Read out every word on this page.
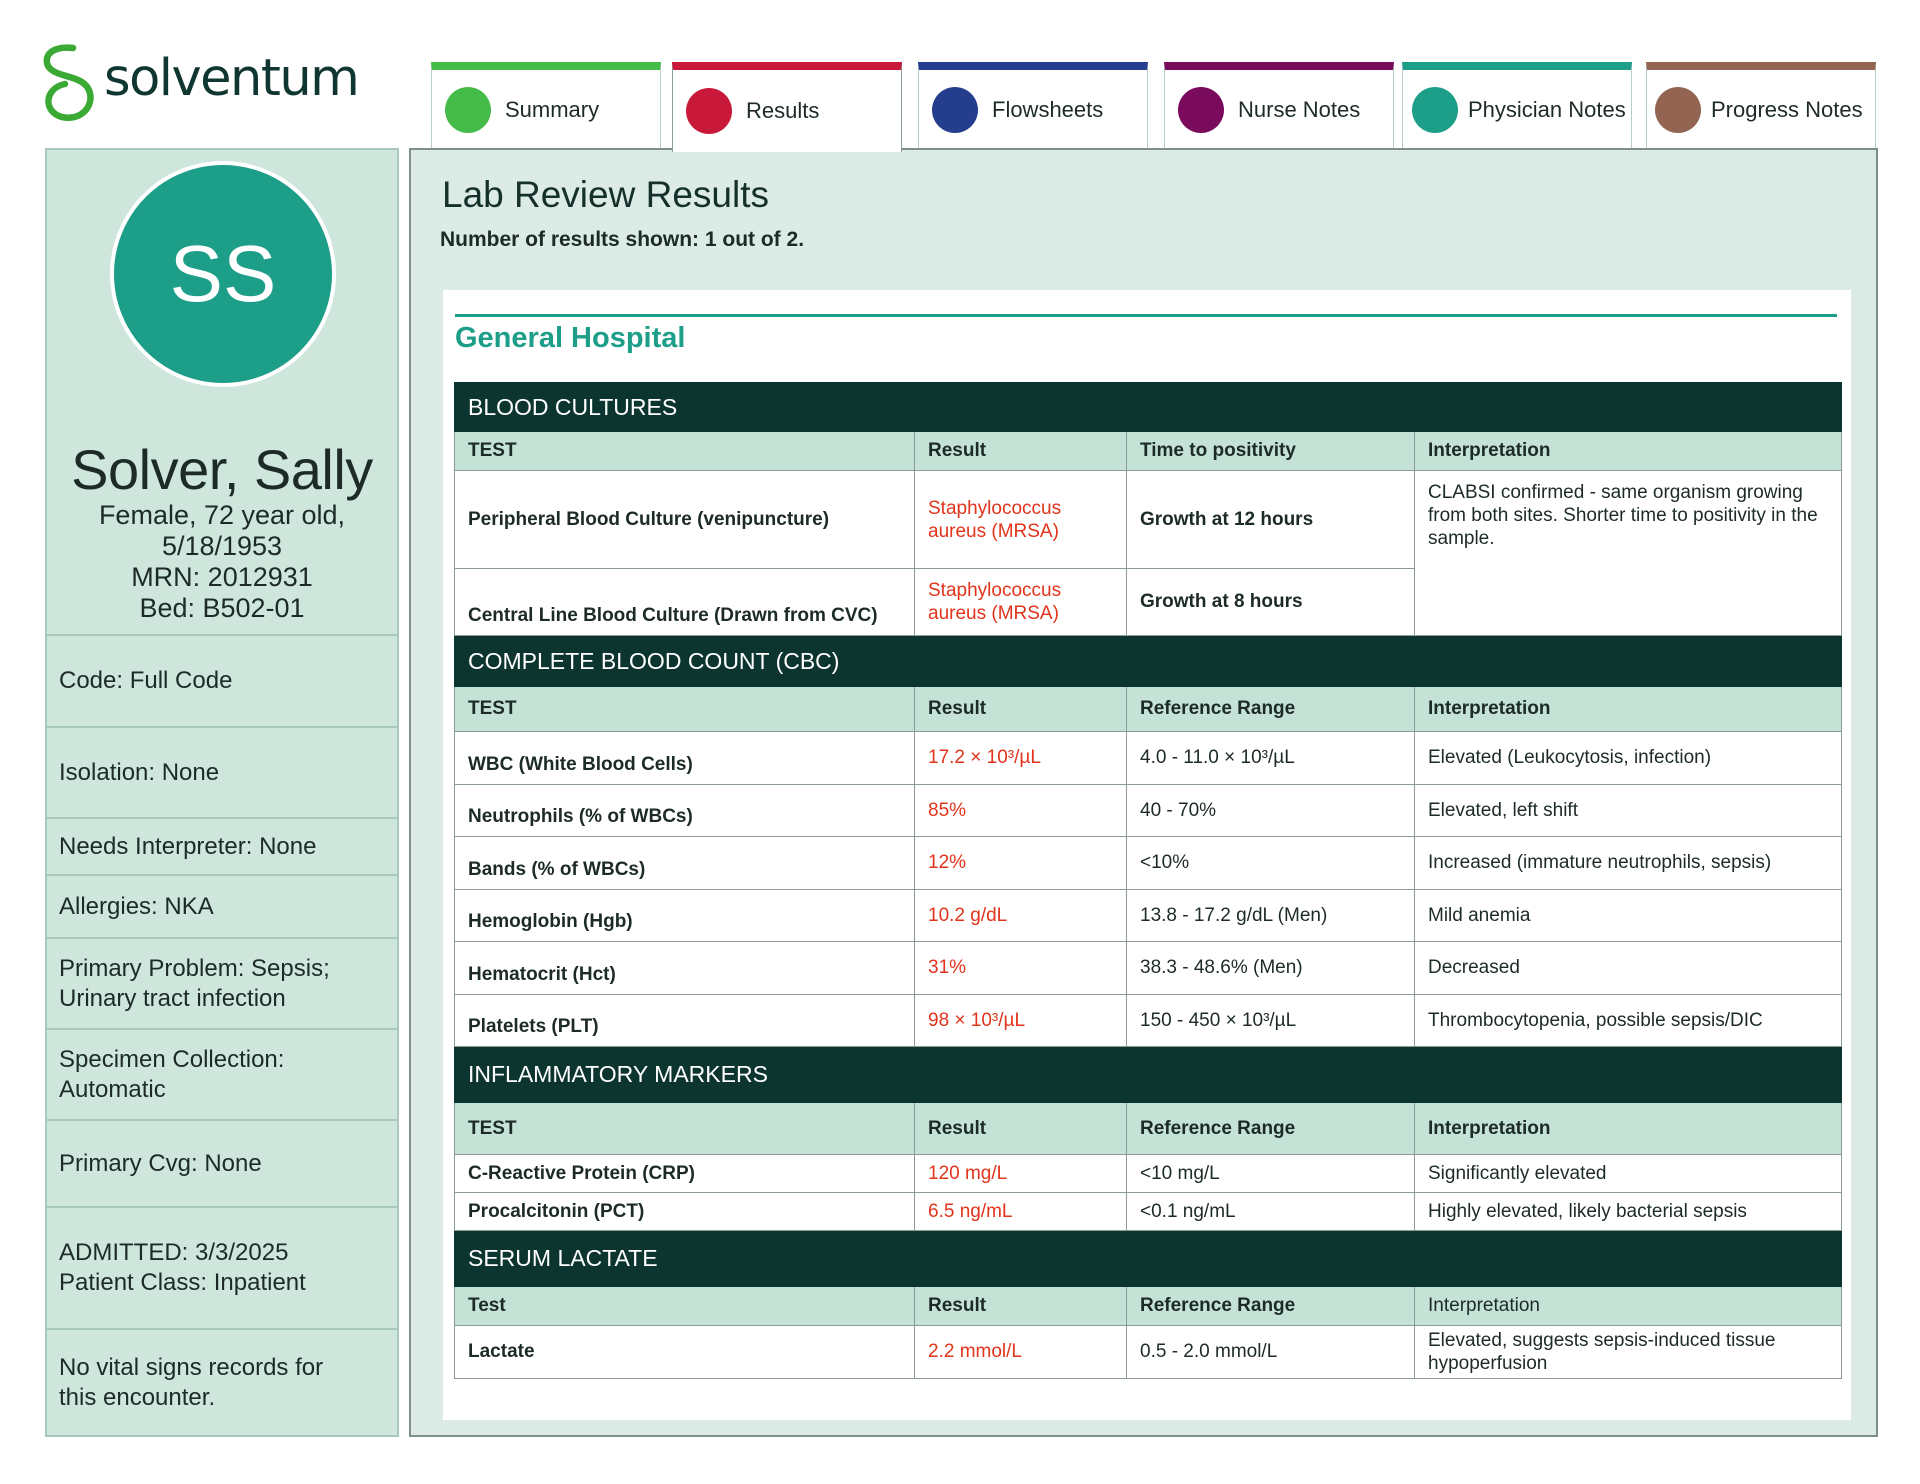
solventum
Summary	Results	Flowsheets	Nurse Notes	Physician Notes	Progress Notes
SS
Solver, Sally
Female, 72 year old,
5/18/1953
MRN: 2012931
Bed: B502-01
Code: Full Code
Isolation: None
Needs Interpreter: None
Allergies: NKA
Primary Problem: Sepsis; Urinary tract infection
Specimen Collection: Automatic
Primary Cvg: None
ADMITTED: 3/3/2025 Patient Class: Inpatient
No vital signs records for this encounter.
Lab Review Results
Number of results shown: 1 out of 2.
General Hospital
BLOOD CULTURES			
TEST	Result	Time to positivity	Interpretation
Peripheral Blood Culture (venipuncture)	Staphylococcus aureus (MRSA)	Growth at 12 hours	CLABSI confirmed - same organism growing from both sites. Shorter time to positivity in the sample.
Central Line Blood Culture (Drawn from CVC)	Staphylococcus aureus (MRSA)	Growth at 8 hours	
COMPLETE BLOOD COUNT (CBC)			
TEST	Result	Reference Range	Interpretation
WBC (White Blood Cells)	17.2 × 10³/µL	4.0 - 11.0 × 10³/µL	Elevated (Leukocytosis, infection)
Neutrophils (% of WBCs)	85%	40 - 70%	Elevated, left shift
Bands (% of WBCs)	12%	<10%	Increased (immature neutrophils, sepsis)
Hemoglobin (Hgb)	10.2 g/dL	13.8 - 17.2 g/dL (Men)	Mild anemia
Hematocrit (Hct)	31%	38.3 - 48.6% (Men)	Decreased
Platelets (PLT)	98 × 10³/µL	150 - 450 × 10³/µL	Thrombocytopenia, possible sepsis/DIC
INFLAMMATORY MARKERS			
TEST	Result	Reference Range	Interpretation
C-Reactive Protein (CRP)	120 mg/L	<10 mg/L	Significantly elevated
Procalcitonin (PCT)	6.5 ng/mL	<0.1 ng/mL	Highly elevated, likely bacterial sepsis
SERUM LACTATE			
Test	Result	Reference Range	Interpretation
Lactate	2.2 mmol/L	0.5 - 2.0 mmol/L	Elevated, suggests sepsis-induced tissue hypoperfusion
